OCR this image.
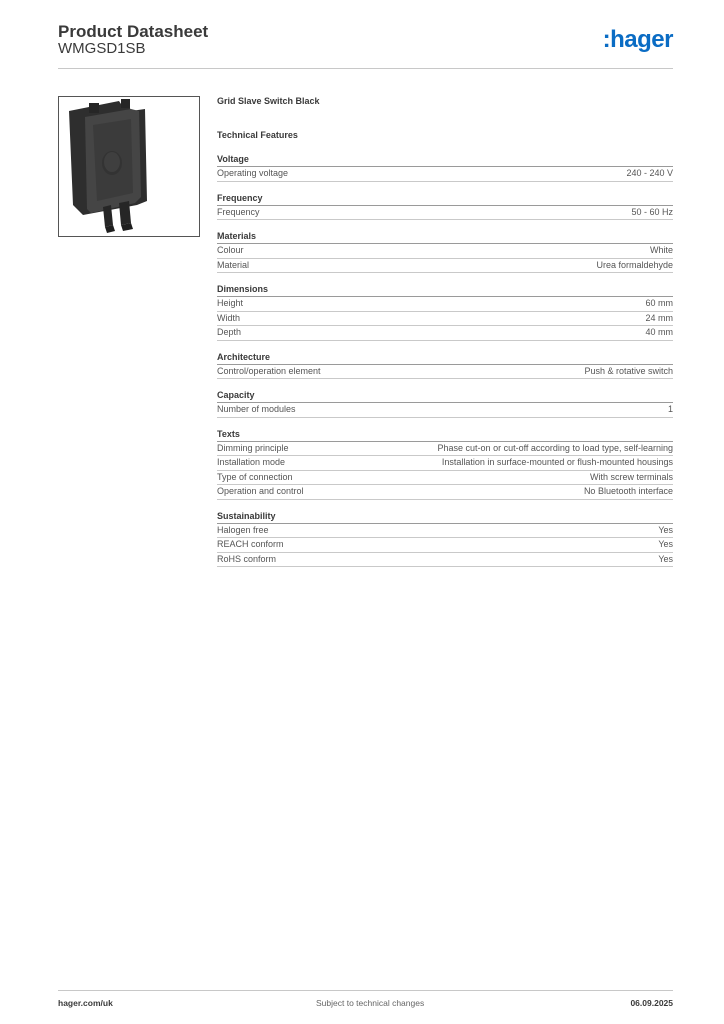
Product Datasheet
WMGSD1SB	:hager
Grid Slave Switch Black
Technical Features
Voltage
Operating voltage	240 - 240 V
Frequency
Frequency	50 - 60 Hz
Materials
Colour	White
Material	Urea formaldehyde
Dimensions
Height	60 mm
Width	24 mm
Depth	40 mm
Architecture
Control/operation element	Push & rotative switch
Capacity
Number of modules	1
Texts
Dimming principle	Phase cut-on or cut-off according to load type, self-learning
Installation mode	Installation in surface-mounted or flush-mounted housings
Type of connection	With screw terminals
Operation and control	No Bluetooth interface
Sustainability
Halogen free	Yes
REACH conform	Yes
RoHS conform	Yes
hager.com/uk	Subject to technical changes	06.09.2025
